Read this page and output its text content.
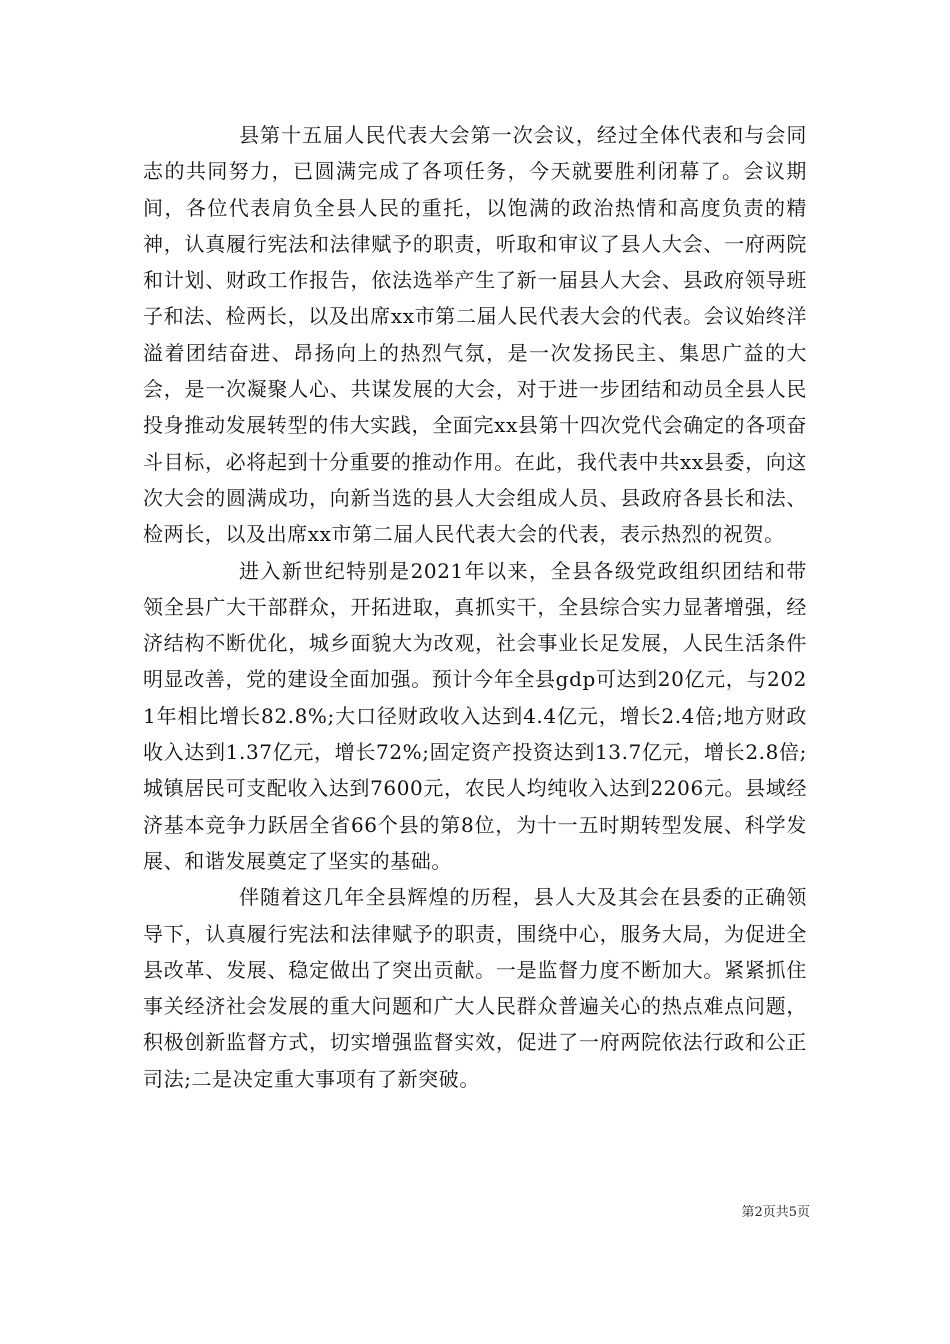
县第十五届人民代表大会第一次会议，经过全体代表和与会同志的共同努力，已圆满完成了各项任务，今天就要胜利闭幕了。会议期间，各位代表肩负全县人民的重托，以饱满的政治热情和高度负责的精神，认真履行宪法和法律赋予的职责，听取和审议了县人大会、一府两院和计划、财政工作报告，依法选举产生了新一届县人大会、县政府领导班子和法、检两长，以及出席xx市第二届人民代表大会的代表。会议始终洋溢着团结奋进、昂扬向上的热烈气氛，是一次发扬民主、集思广益的大会，是一次凝聚人心、共谋发展的大会，对于进一步团结和动员全县人民投身推动发展转型的伟大实践，全面完xx县第十四次党代会确定的各项奋斗目标，必将起到十分重要的推动作用。在此，我代表中共xx县委，向这次大会的圆满成功，向新当选的县人大会组成人员、县政府各县长和法、检两长，以及出席xx市第二届人民代表大会的代表，表示热烈的祝贺。

进入新世纪特别是2021年以来，全县各级党政组织团结和带领全县广大干部群众，开拓进取，真抓实干，全县综合实力显著增强，经济结构不断优化，城乡面貌大为改观，社会事业长足发展，人民生活条件明显改善，党的建设全面加强。预计今年全县gdp可达到20亿元，与2021年相比增长82.8%;大口径财政收入达到4.4亿元，增长2.4倍;地方财政收入达到1.37亿元，增长72%;固定资产投资达到13.7亿元，增长2.8倍;城镇居民可支配收入达到7600元，农民人均纯收入达到2206元。县域经济基本竞争力跃居全省66个县的第8位，为十一五时期转型发展、科学发展、和谐发展奠定了坚实的基础。

伴随着这几年全县辉煌的历程，县人大及其会在县委的正确领导下，认真履行宪法和法律赋予的职责，围绕中心，服务大局，为促进全县改革、发展、稳定做出了突出贡献。一是监督力度不断加大。紧紧抓住事关经济社会发展的重大问题和广大人民群众普遍关心的热点难点问题，积极创新监督方式，切实增强监督实效，促进了一府两院依法行政和公正司法;二是决定重大事项有了新突破。

第2页共5页
